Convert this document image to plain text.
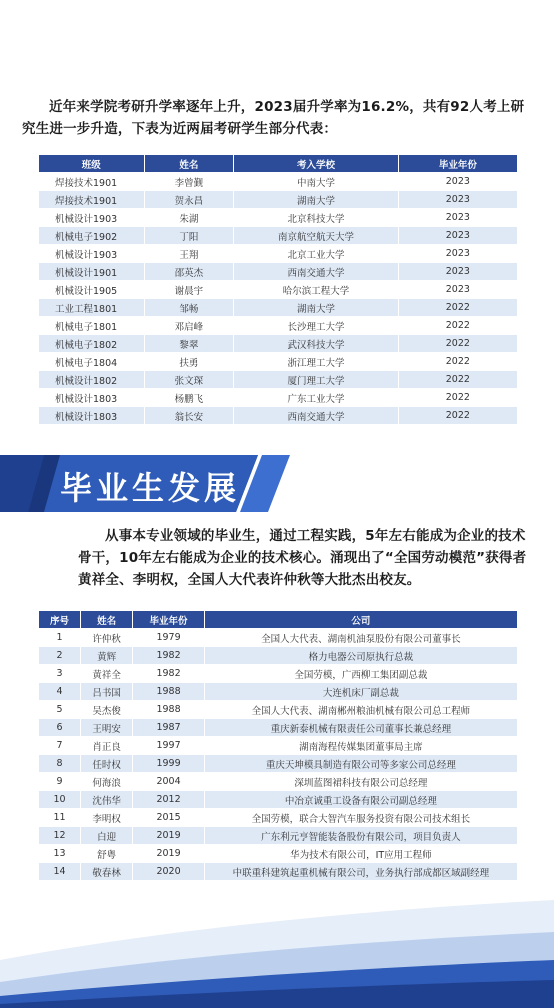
近年来学院考研升学率逐年上升，2023届升学率为16.2%，共有92人考上研究生进一步升造，下表为近两届考研学生部分代表：
班级	姓名	考入学校	毕业年份
焊接技术1901	李曾觐	中南大学	2023
焊接技术1901	贺永昌	湖南大学	2023
机械设计1903	朱湖	北京科技大学	2023
机械电子1902	丁阳	南京航空航天大学	2023
机械设计1903	王翔	北京工业大学	2023
机械设计1901	邵英杰	西南交通大学	2023
机械设计1905	谢晨宇	哈尔滨工程大学	2023
工业工程1801	邹畅	湖南大学	2022
机械电子1801	邓启峰	长沙理工大学	2022
机械电子1802	黎翠	武汉科技大学	2022
机械电子1804	扶勇	浙江理工大学	2022
机械设计1802	张文琛	厦门理工大学	2022
机械设计1803	杨鹏飞	广东工业大学	2022
机械设计1803	翁长安	西南交通大学	2022
毕业生发展
从事本专业领域的毕业生，通过工程实践，5年左右能成为企业的技术骨干，10年左右能成为企业的技术核心。涌现出了“全国劳动模范”获得者黄祥全、李明权，全国人大代表许仲秋等大批杰出校友。
序号	姓名	毕业年份	公司
1	许仲秋	1979	全国人大代表、湖南机油泵股份有限公司董事长
2	黄辉	1982	格力电器公司原执行总裁
3	黄祥全	1982	全国劳模，广西柳工集团副总裁
4	吕书国	1988	大连机床厂副总裁
5	吴杰俊	1988	全国人大代表、湖南郴州粮油机械有限公司总工程师
6	王明安	1987	重庆新泰机械有限责任公司董事长兼总经理
7	肖正良	1997	湖南海程传媒集团董事局主席
8	任时权	1999	重庆天坤模具制造有限公司等多家公司总经理
9	何海浪	2004	深圳蓝图裙科技有限公司总经理
10	沈伟华	2012	中冶京诚重工设备有限公司副总经理
11	李明权	2015	全国劳模，联合大智汽车服务投资有限公司技术组长
12	白迎	2019	广东利元亨智能装备股份有限公司，项目负责人
13	舒粤	2019	华为技术有限公司，IT应用工程师
14	敬春林	2020	中联重科建筑起重机械有限公司，业务执行部成都区域副经理
